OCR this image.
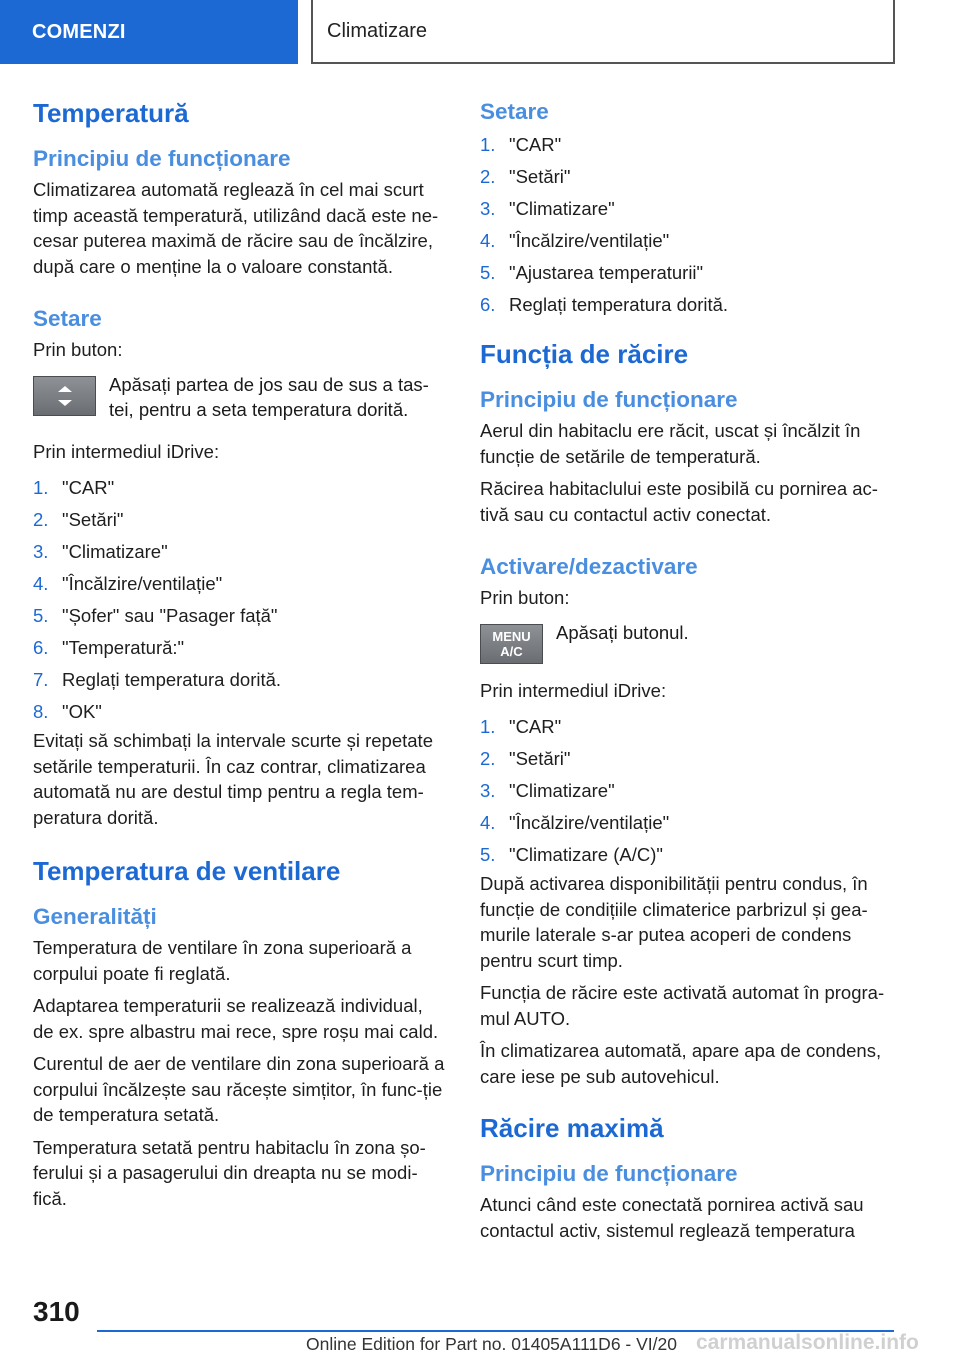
COMENZI	Climatizare
Temperatură
Principiu de funcționare
Climatizarea automată reglează în cel mai scurt timp această temperatură, utilizând dacă este ne-cesar puterea maximă de răcire sau de încălzire, după care o menține la o valoare constantă.
Setare
Prin buton:
Apăsați partea de jos sau de sus a tas-tei, pentru a seta temperatura dorită.
Prin intermediul iDrive:
1. "CAR"
2. "Setări"
3. "Climatizare"
4. "Încălzire/ventilație"
5. "Șofer" sau "Pasager față"
6. "Temperatură:"
7. Reglați temperatura dorită.
8. "OK"
Evitați să schimbați la intervale scurte și repetate setările temperaturii. În caz contrar, climatizarea automată nu are destul timp pentru a regla tem-peratura dorită.
Temperatura de ventilare
Generalități
Temperatura de ventilare în zona superioară a corpului poate fi reglată.
Adaptarea temperaturii se realizează individual, de ex. spre albastru mai rece, spre roșu mai cald.
Curentul de aer de ventilare din zona superioară a corpului încălzește sau răcește simțitor, în func-ție de temperatura setată.
Temperatura setată pentru habitaclu în zona șo-ferului și a pasagerului din dreapta nu se modi-fică.
Setare
1. "CAR"
2. "Setări"
3. "Climatizare"
4. "Încălzire/ventilație"
5. "Ajustarea temperaturii"
6. Reglați temperatura dorită.
Funcția de răcire
Principiu de funcționare
Aerul din habitaclu ere răcit, uscat și încălzit în funcție de setările de temperatură.
Răcirea habitaclului este posibilă cu pornirea ac-tivă sau cu contactul activ conectat.
Activare/dezactivare
Prin buton:
MENU
A/C
Apăsați butonul.
Prin intermediul iDrive:
1. "CAR"
2. "Setări"
3. "Climatizare"
4. "Încălzire/ventilație"
5. "Climatizare (A/C)"
După activarea disponibilității pentru condus, în funcție de condițiile climaterice parbrizul și gea-murile laterale s-ar putea acoperi de condens pentru scurt timp.
Funcția de răcire este activată automat în progra-mul AUTO.
În climatizarea automată, apare apa de condens, care iese pe sub autovehicul.
Răcire maximă
Principiu de funcționare
Atunci când este conectată pornirea activă sau contactul activ, sistemul reglează temperatura
310
Online Edition for Part no. 01405A111D6 - VI/20 carmanualsonline.info
